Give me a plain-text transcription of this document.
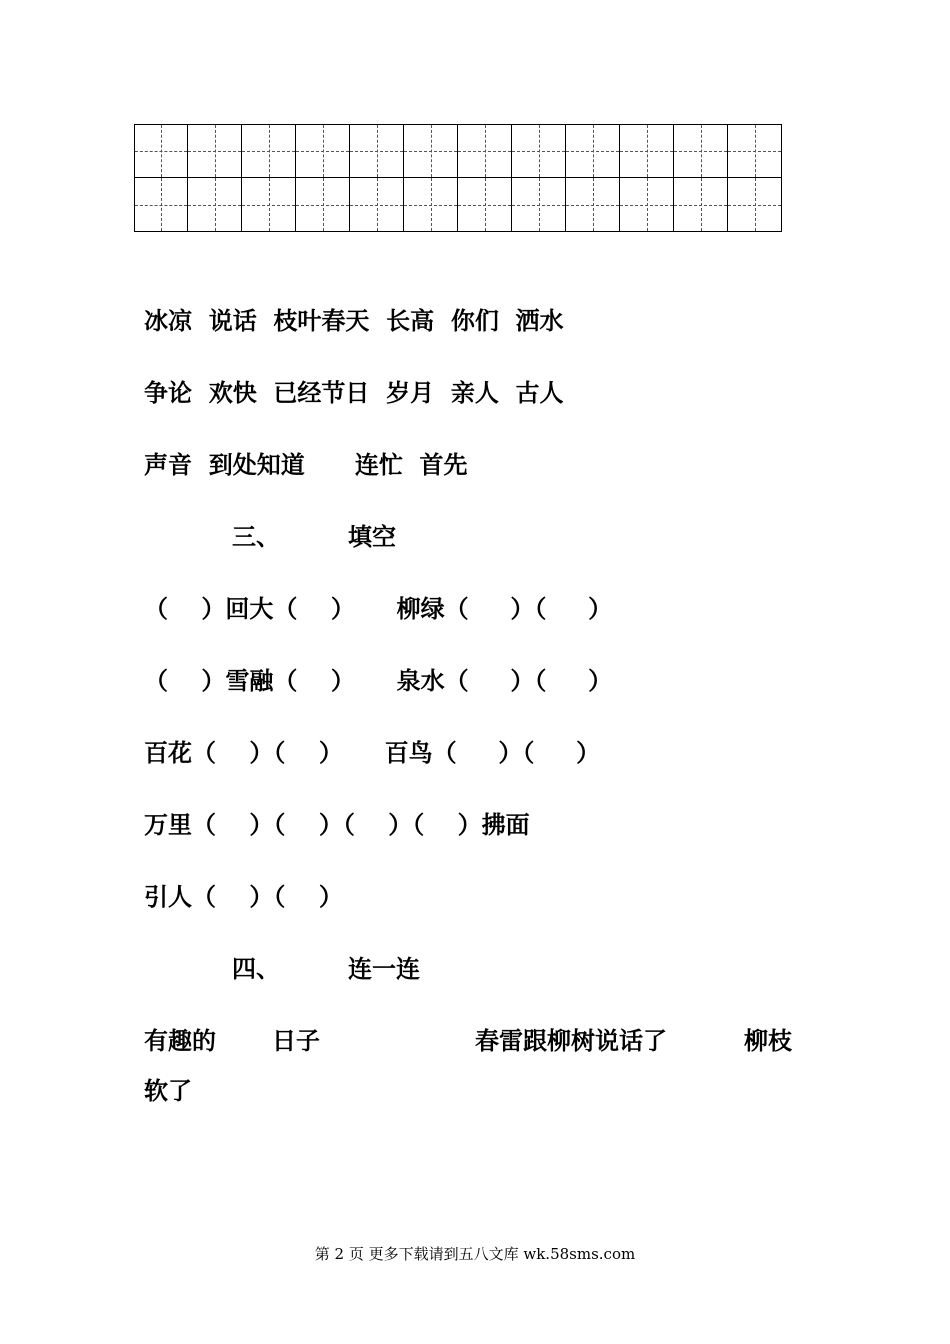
冰凉  说话  枝叶春天  长高  你们  洒水
争论  欢快  已经节日  岁月  亲人  古人
声音  到处知道      连忙  首先
三、	填空
（    ）回大（    ）     柳绿（     ）（     ）
（    ）雪融（    ）     泉水（     ）（     ）
百花（    ）（    ）     百鸟（     ）（     ）
万里（    ）（    ）（    ）（    ）拂面
引人（    ）（    ）
四、	连一连
有趣的 日子	春雷跟柳树说话了	柳枝
软了
第 2 页 更多下载请到五八文库 wk.58sms.com
